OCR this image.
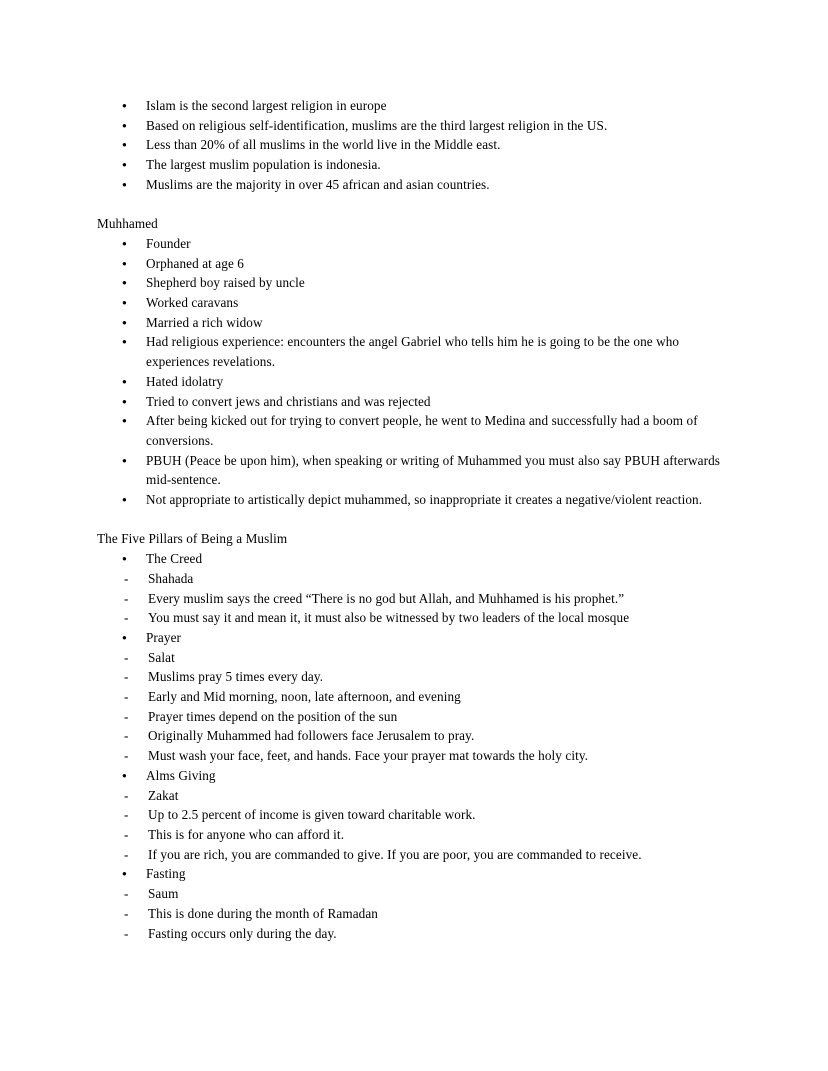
●	Islam is the second largest religion in europe
●	Based on religious self-identification, muslims are the third largest religion in the US.
●	Less than 20% of all muslims in the world live in the Middle east.
●	The largest muslim population is indonesia.
●	Muslims are the majority in over 45 african and asian countries.
Muhhamed
●	Founder
●	Orphaned at age 6
●	Shepherd boy raised by uncle
●	Worked caravans
●	Married a rich widow
●	Had religious experience: encounters the angel Gabriel who tells him he is going to be the one who experiences revelations.
●	Hated idolatry
●	Tried to convert jews and christians and was rejected
●	After being kicked out for trying to convert people, he went to Medina and successfully had a boom of conversions.
●	PBUH (Peace be upon him), when speaking or writing of Muhammed you must also say PBUH afterwards mid-sentence.
●	Not appropriate to artistically depict muhammed, so inappropriate it creates a negative/violent reaction.
The Five Pillars of Being a Muslim
●	The Creed
-	Shahada
-	Every muslim says the creed “There is no god but Allah, and Muhhamed is his prophet.”
-	You must say it and mean it, it must also be witnessed by two leaders of the local mosque
●	Prayer
-	Salat
-	Muslims pray 5 times every day.
-	Early and Mid morning, noon, late afternoon, and evening
-	Prayer times depend on the position of the sun
-	Originally Muhammed had followers face Jerusalem to pray.
-	Must wash your face, feet, and hands. Face your prayer mat towards the holy city.
●	Alms Giving
-	Zakat
-	Up to 2.5 percent of income is given toward charitable work.
-	This is for anyone who can afford it.
-	If you are rich, you are commanded to give. If you are poor, you are commanded to receive.
●	Fasting
-	Saum
-	This is done during the month of Ramadan
-	Fasting occurs only during the day.
